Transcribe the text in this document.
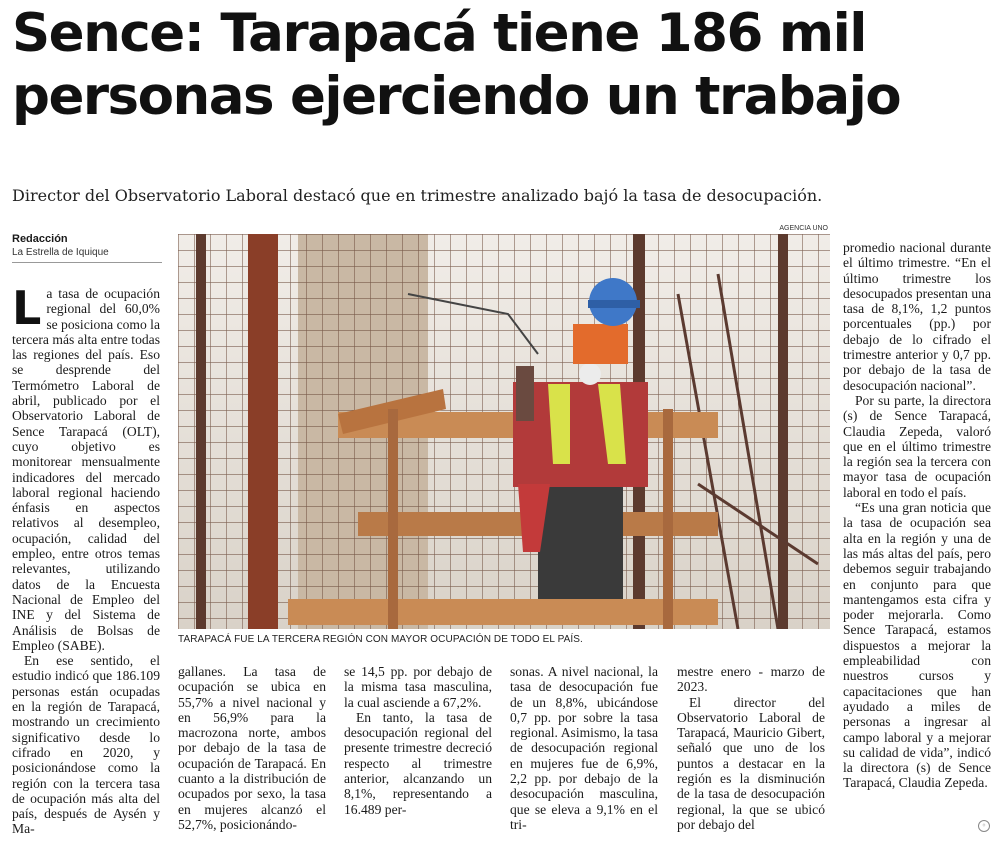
Sence: Tarapacá tiene 186 mil personas ejerciendo un trabajo

Director del Observatorio Laboral destacó que en trimestre analizado bajó la tasa de desocupación.

Redacción
La Estrella de Iquique
AGENCIA UNO

TARAPACÁ FUE LA TERCERA REGIÓN CON MAYOR OCUPACIÓN DE TODO EL PAÍS.

L a tasa de ocupación regional del 60,0% se posiciona como la tercera más alta entre todas las regiones del país. Eso se desprende del Termómetro Laboral de abril, publicado por el Observatorio Laboral de Sence Tarapacá (OLT), cuyo objetivo es monitorear mensualmente indicadores del mercado laboral regional haciendo énfasis en aspectos relativos al desempleo, ocupación, calidad del empleo, entre otros temas relevantes, utilizando datos de la Encuesta Nacional de Empleo del INE y del Sistema de Análisis de Bolsas de Empleo (SABE).

En ese sentido, el estudio indicó que 186.109 personas están ocupadas en la región de Tarapacá, mostrando un crecimiento significativo desde lo cifrado en 2020, y posicionándose como la región con la tercera tasa de ocupación más alta del país, después de Aysén y Ma-

gallanes. La tasa de ocupación se ubica en 55,7% a nivel nacional y en 56,9% para la macrozona norte, ambos por debajo de la tasa de ocupación de Tarapacá. En cuanto a la distribución de ocupados por sexo, la tasa en mujeres alcanzó el 52,7%, posicionándo-

se 14,5 pp. por debajo de la misma tasa masculina, la cual asciende a 67,2%.

En tanto, la tasa de desocupación regional del presente trimestre decreció respecto al trimestre anterior, alcanzando un 8,1%, representando a 16.489 per-

sonas. A nivel nacional, la tasa de desocupación fue de un 8,8%, ubicándose 0,7 pp. por sobre la tasa regional. Asimismo, la tasa de desocupación regional en mujeres fue de 6,9%, 2,2 pp. por debajo de la desocupación masculina, que se eleva a 9,1% en el tri-

mestre enero - marzo de 2023.

El director del Observatorio Laboral de Tarapacá, Mauricio Gibert, señaló que uno de los puntos a destacar en la región es la disminución de la tasa de desocupación regional, la que se ubicó por debajo del

promedio nacional durante el último trimestre. “En el último trimestre los desocupados presentan una tasa de 8,1%, 1,2 puntos porcentuales (pp.) por debajo de lo cifrado el trimestre anterior y 0,7 pp. por debajo de la tasa de desocupación nacional”.

Por su parte, la directora (s) de Sence Tarapacá, Claudia Zepeda, valoró que en el último trimestre la región sea la tercera con mayor tasa de ocupación laboral en todo el país.

“Es una gran noticia que la tasa de ocupación sea alta en la región y una de las más altas del país, pero debemos seguir trabajando en conjunto para que mantengamos esta cifra y poder mejorarla. Como Sence Tarapacá, estamos dispuestos a mejorar la empleabilidad con nuestros cursos y capacitaciones que han ayudado a miles de personas a ingresar al campo laboral y a mejorar su calidad de vida”, indicó la directora (s) de Sence Tarapacá, Claudia Zepeda.

◦
